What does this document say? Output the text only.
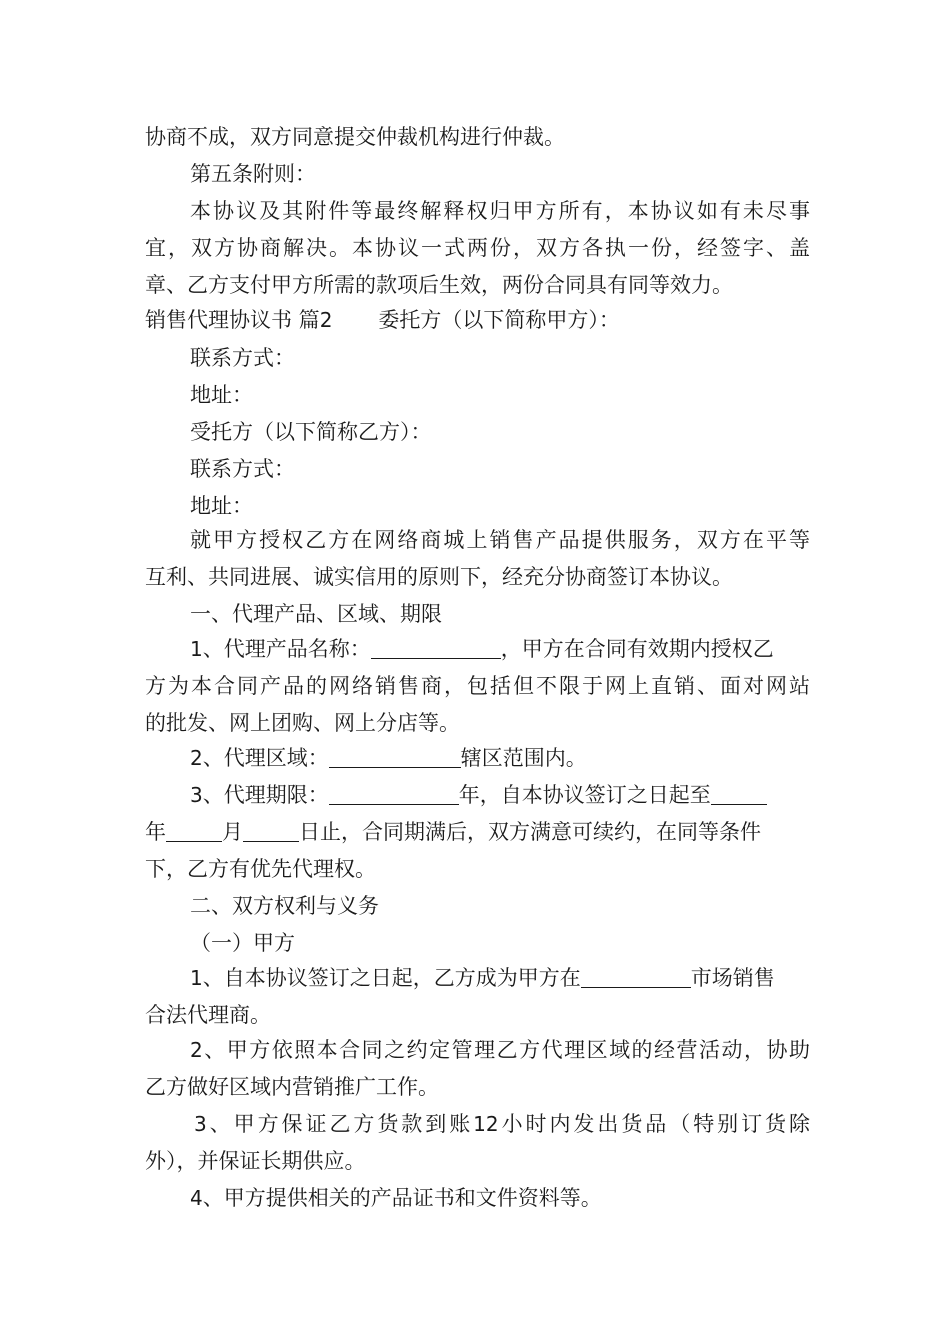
协商不成，双方同意提交仲裁机构进行仲裁。
第五条附则：
本协议及其附件等最终解释权归甲方所有，本协议如有未尽事
宜，双方协商解决。本协议一式两份，双方各执一份，经签字、盖
章、乙方支付甲方所需的款项后生效，两份合同具有同等效力。
销售代理协议书 篇2 委托方（以下简称甲方）：
联系方式：
地址：
受托方（以下简称乙方）：
联系方式：
地址：
就甲方授权乙方在网络商城上销售产品提供服务，双方在平等
互利、共同进展、诚实信用的原则下，经充分协商签订本协议。
一、代理产品、区域、期限
1、代理产品名称：	，甲方在合同有效期内授权乙
方为本合同产品的网络销售商，包括但不限于网上直销、面对网站
的批发、网上团购、网上分店等。
2、代理区域：	辖区范围内。
3、代理期限：	年，自本协议签订之日起至
年	月	日止，合同期满后，双方满意可续约，在同等条件
下，乙方有优先代理权。
二、双方权利与义务
（一）甲方
1、自本协议签订之日起，乙方成为甲方在	市场销售
合法代理商。
2、甲方依照本合同之约定管理乙方代理区域的经营活动，协助
乙方做好区域内营销推广工作。
3、甲方保证乙方货款到账12小时内发出货品（特别订货除
外），并保证长期供应。
4、甲方提供相关的产品证书和文件资料等。
